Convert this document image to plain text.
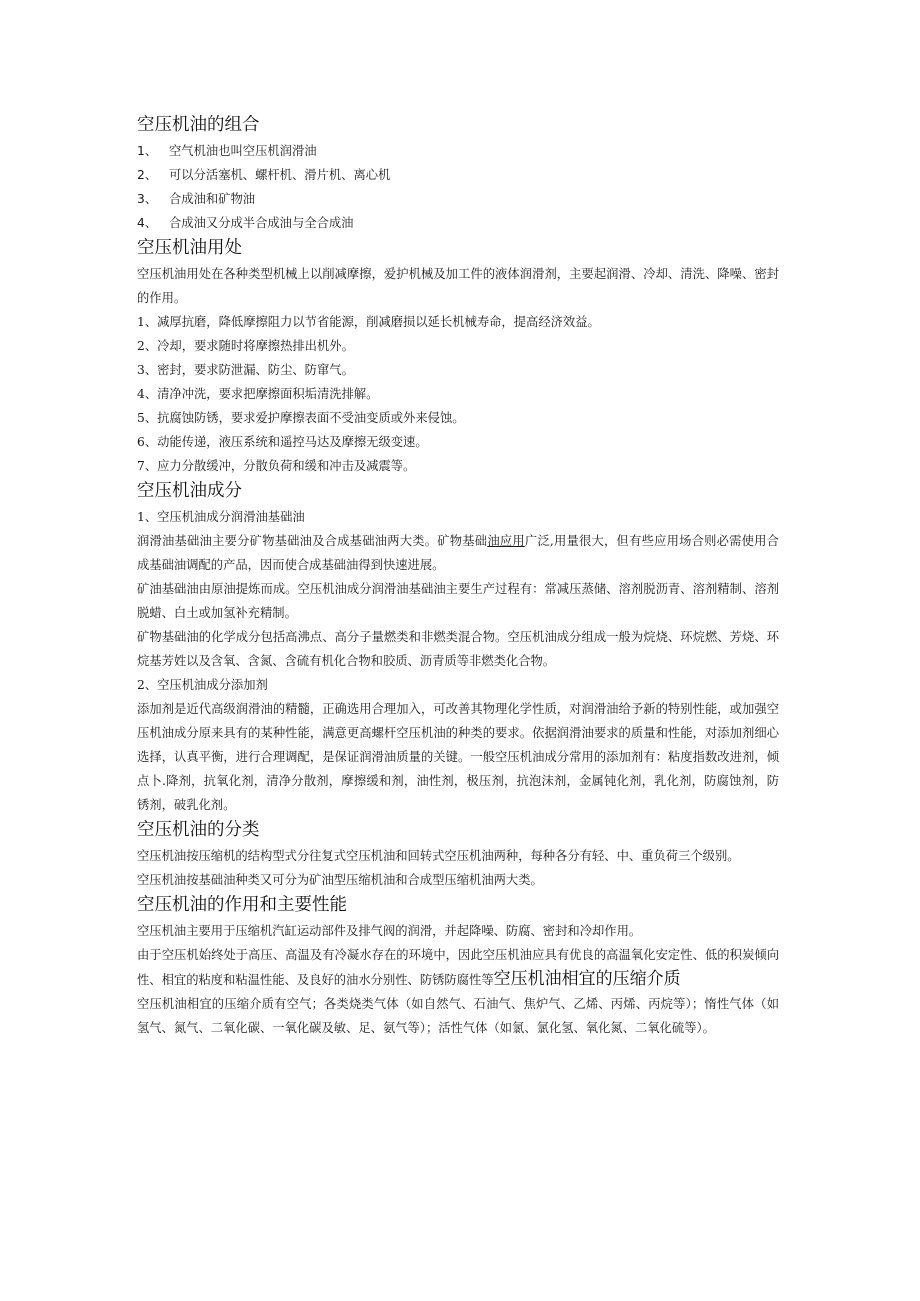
空压机油的组合
1、 空气机油也叫空压机润滑油
2、 可以分活塞机、螺杆机、滑片机、离心机
3、 合成油和矿物油
4、 合成油又分成半合成油与全合成油
空压机油用处

空压机油用处在各种类型机械上以削减摩擦，爱护机械及加工件的液体润滑剂，主要起润滑、冷却、清洗、降噪、密封的作用。

1、减厚抗磨，降低摩擦阻力以节省能源，削减磨损以延长机械寿命，提高经济效益。

2、冷却，要求随时将摩擦热排出机外。

3、密封，要求防泄漏、防尘、防窜气。

4、清净冲洗，要求把摩擦面积垢清洗排解。

5、抗腐蚀防锈，要求爱护摩擦表面不受油变质或外来侵蚀。

6、动能传递，液压系统和遥控马达及摩擦无级变速。

7、应力分散缓冲，分散负荷和缓和冲击及减震等。

空压机油成分

1、空压机油成分润滑油基础油

润滑油基础油主要分矿物基础油及合成基础油两大类。矿物基础油应用广泛,用量很大，但有些应用场合则必需使用合成基础油调配的产品，因而使合成基础油得到快速进展。

矿油基础油由原油提炼而成。空压机油成分润滑油基础油主要生产过程有：常减压蒸储、溶剂脱沥青、溶剂精制、溶剂脱蜡、白土或加氢补充精制。

矿物基础油的化学成分包括高沸点、高分子量燃类和非燃类混合物。空压机油成分组成一般为烷烧、环烷燃、芳烧、环烷基芳姓以及含氧、含氮、含硫有机化合物和胶质、沥青质等非燃类化合物。

2、空压机油成分添加剂

添加剂是近代高级润滑油的精髓，正确选用合理加入，可改善其物理化学性质，对润滑油给予新的特别性能，或加强空压机油成分原来具有的某种性能，满意更高螺杆空压机油的种类的要求。依据润滑油要求的质量和性能，对添加剂细心选择，认真平衡，进行合理调配，是保证润滑油质量的关键。一般空压机油成分常用的添加剂有：粘度指数改进剂，倾点卜.降剂，抗氧化剂，清净分散剂，摩擦缓和剂，油性剂，极压剂，抗泡沫剂，金属钝化剂，乳化剂，防腐蚀剂，防锈剂，破乳化剂。

空压机油的分类

空压机油按压缩机的结构型式分往复式空压机油和回转式空压机油两种，每种各分有轻、中、重负荷三个级别。

空压机油按基础油种类又可分为矿油型压缩机油和合成型压缩机油两大类。

空压机油的作用和主要性能

空压机油主要用于压缩机汽缸运动部件及排气阀的润滑，并起降噪、防腐、密封和冷却作用。

由于空压机始终处于高压、高温及有冷凝水存在的环境中，因此空压机油应具有优良的高温氧化安定性、低的积炭倾向性、相宜的粘度和粘温性能、及良好的油水分别性、防锈防腐性等空压机油相宜的压缩介质

空压机油相宜的压缩介质有空气；各类烧类气体（如自然气、石油气、焦炉气、乙烯、丙烯、丙烷等）；惰性气体（如氢气、氮气、二氧化碳、一氧化碳及敏、足、氨气等）；活性气体（如氯、氯化氢、氧化氮、二氧化硫等）。
